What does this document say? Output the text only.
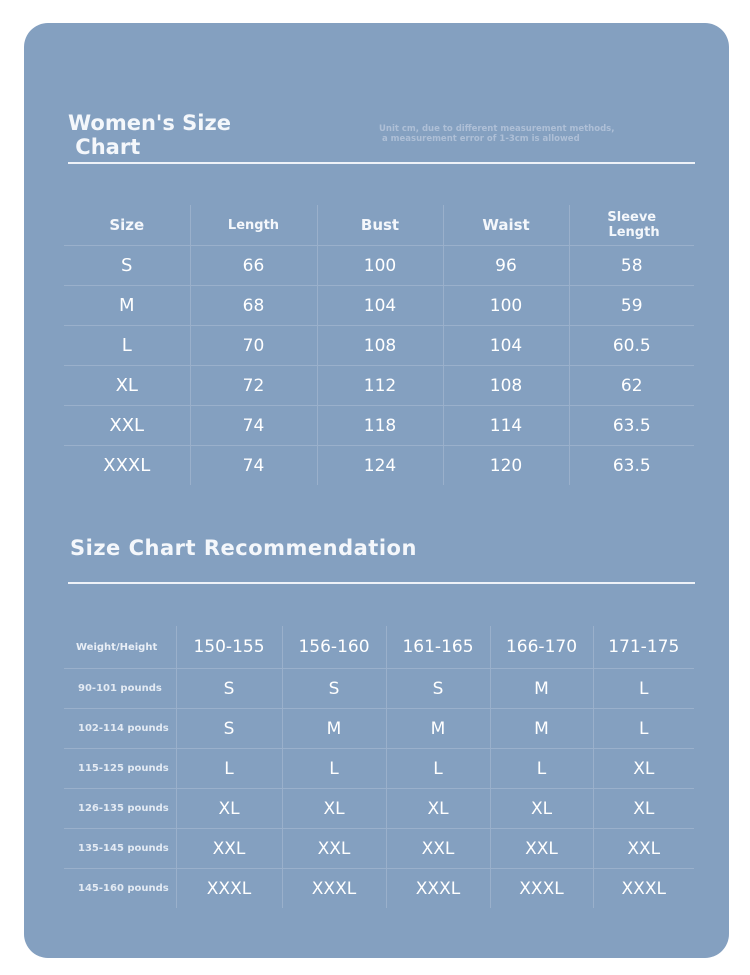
Women's Size
Chart
Unit cm, due to different measurement methods,
a measurement error of 1-3cm is allowed
Size	Length	Bust	Waist	Sleeve
Length
S	66	100	96	58
M	68	104	100	59
L	70	108	104	60.5
XL	72	112	108	62
XXL	74	118	114	63.5
XXXL	74	124	120	63.5
Size Chart Recommendation
Weight/Height	150-155	156-160	161-165	166-170	171-175
90-101 pounds	S	S	S	M	L
102-114 pounds	S	M	M	M	L
115-125 pounds	L	L	L	L	XL
126-135 pounds	XL	XL	XL	XL	XL
135-145 pounds	XXL	XXL	XXL	XXL	XXL
145-160 pounds	XXXL	XXXL	XXXL	XXXL	XXXL
